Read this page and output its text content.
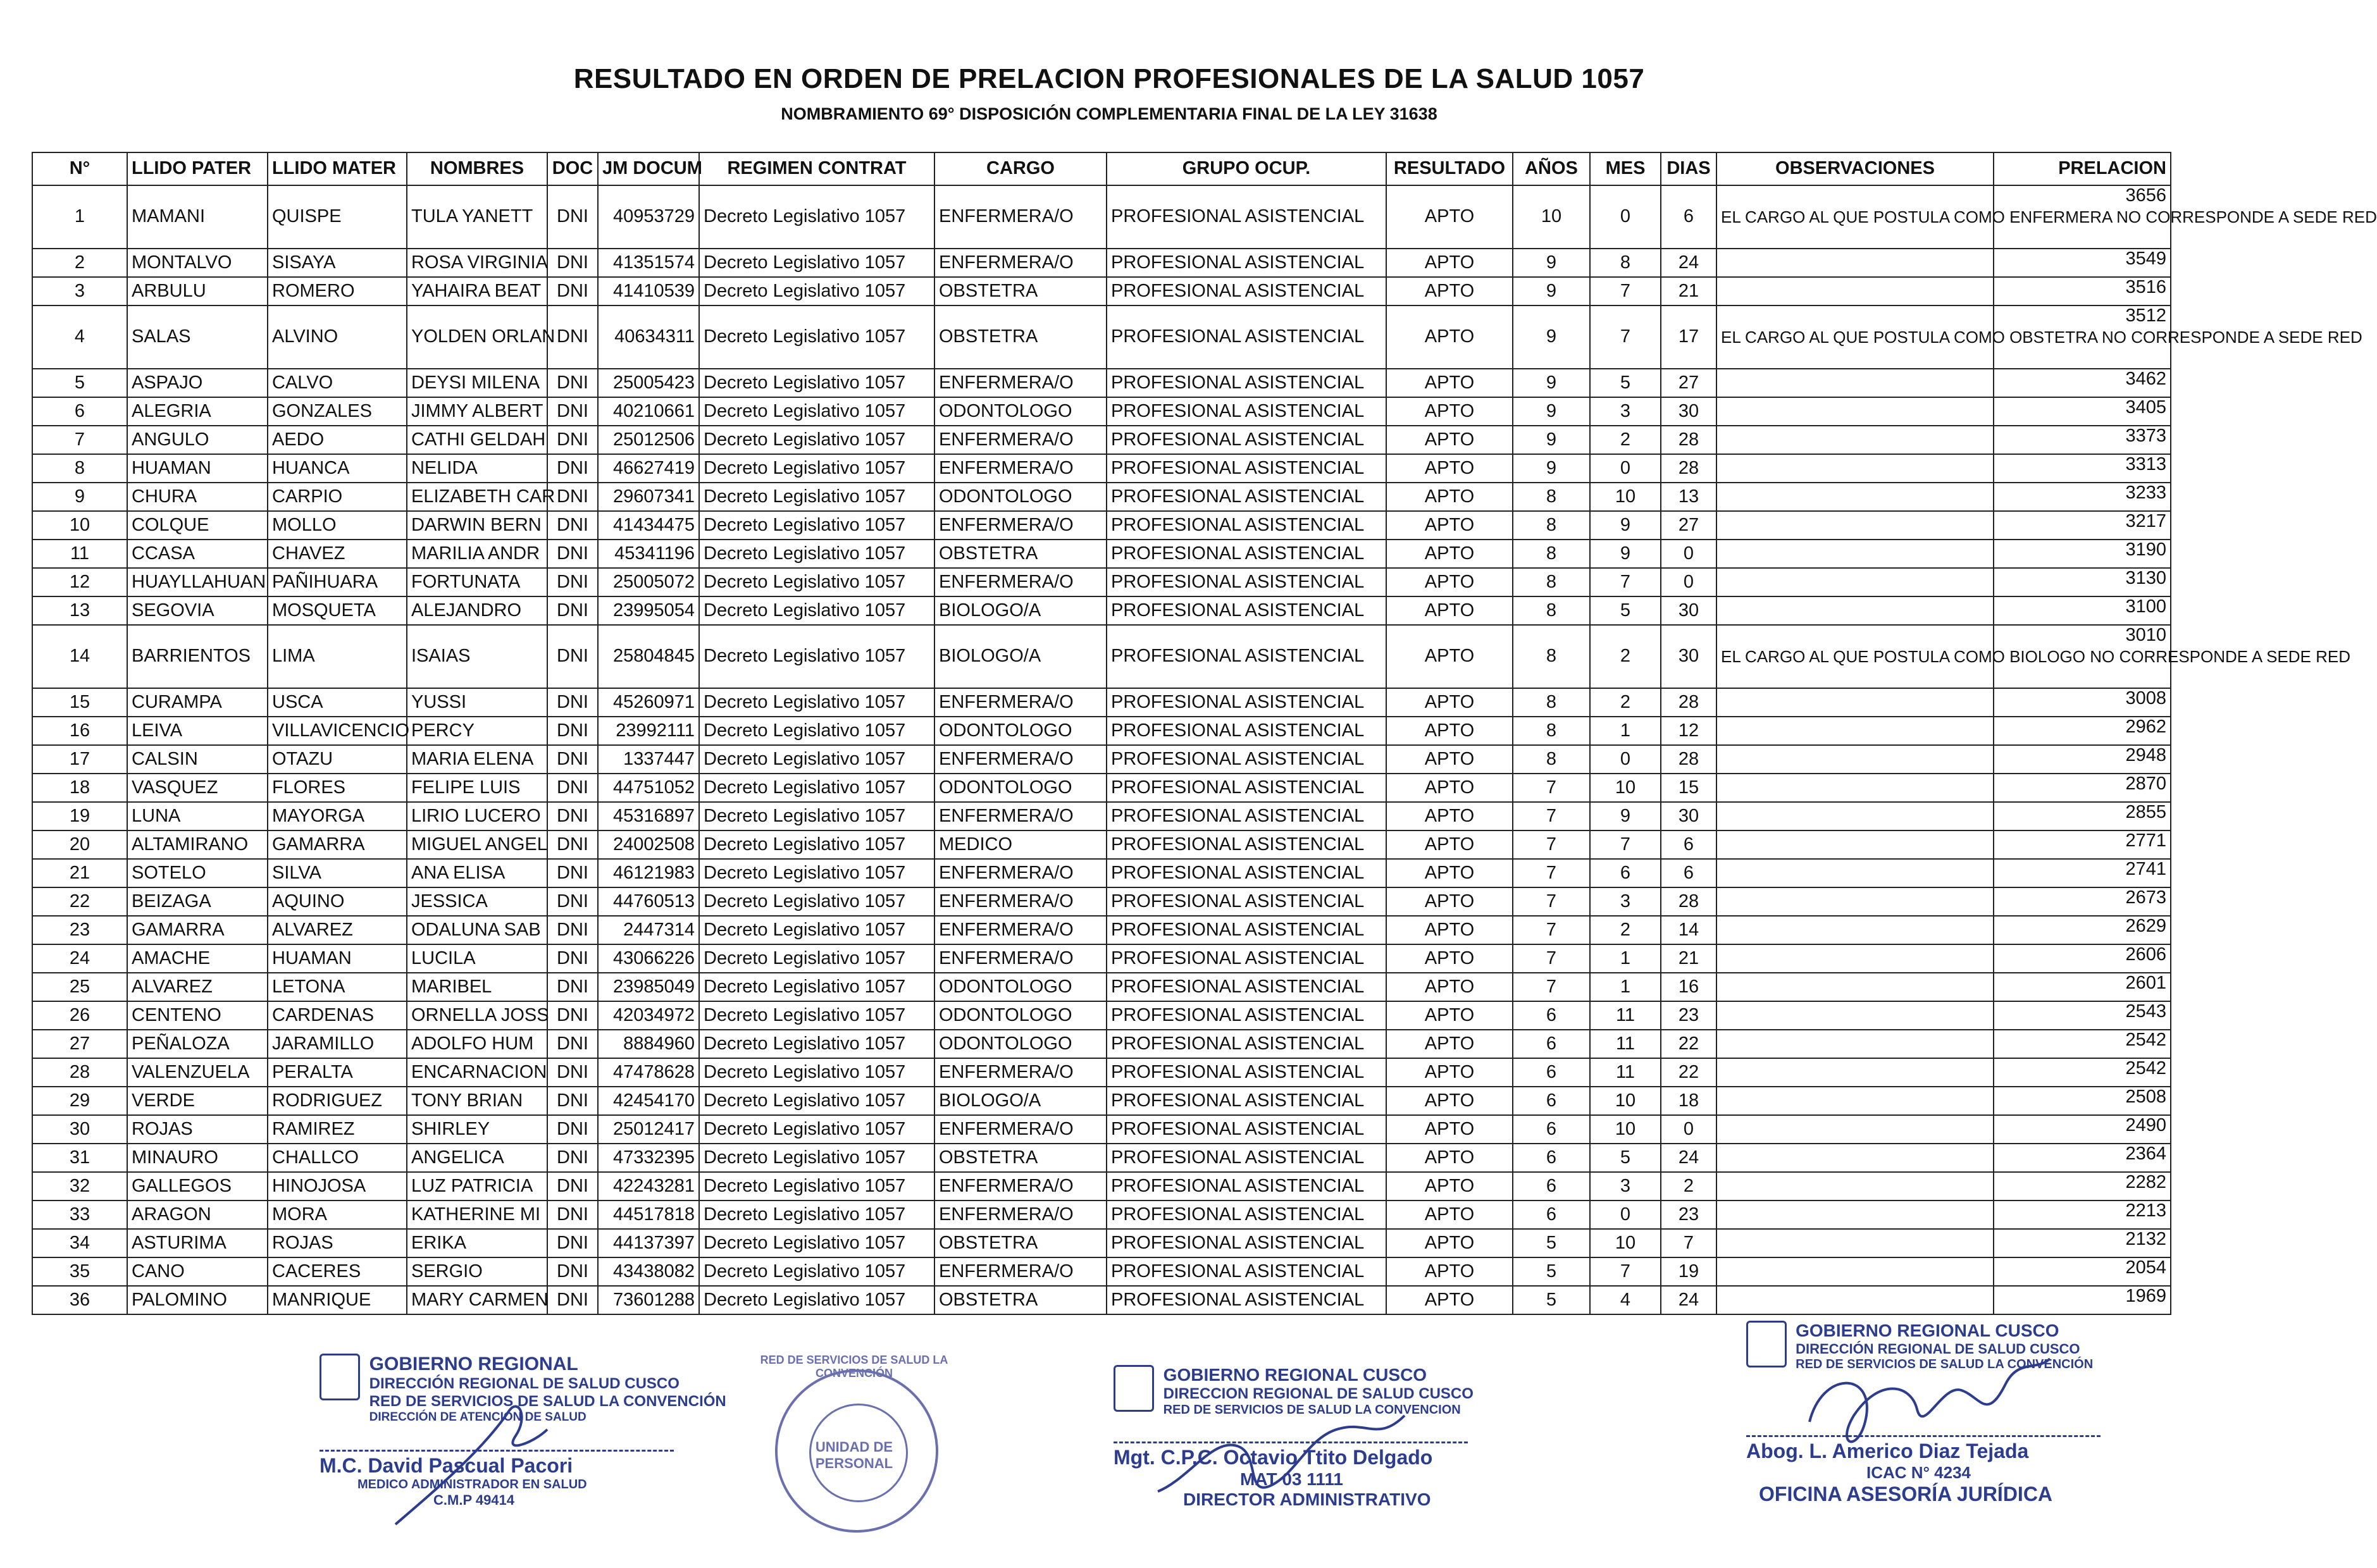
RESULTADO EN ORDEN DE PRELACION PROFESIONALES DE LA SALUD 1057
NOMBRAMIENTO 69° DISPOSICIÓN COMPLEMENTARIA FINAL DE LA LEY 31638
N°	LLIDO PATER	LLIDO MATER	NOMBRES	DOC	JM DOCUM	REGIMEN CONTRAT	CARGO	GRUPO OCUP.	RESULTADO	AÑOS	MES	DIAS	OBSERVACIONES	PRELACION
1	MAMANI	QUISPE	TULA YANETT	DNI	40953729	Decreto Legislativo 1057	ENFERMERA/O	PROFESIONAL ASISTENCIAL	APTO	10	0	6	EL CARGO AL QUE POSTULA COMO ENFERMERA NO CORRESPONDE A SEDE RED	3656
2	MONTALVO	SISAYA	ROSA VIRGINIA	DNI	41351574	Decreto Legislativo 1057	ENFERMERA/O	PROFESIONAL ASISTENCIAL	APTO	9	8	24		3549
3	ARBULU	ROMERO	YAHAIRA BEAT	DNI	41410539	Decreto Legislativo 1057	OBSTETRA	PROFESIONAL ASISTENCIAL	APTO	9	7	21		3516
4	SALAS	ALVINO	YOLDEN ORLAN	DNI	40634311	Decreto Legislativo 1057	OBSTETRA	PROFESIONAL ASISTENCIAL	APTO	9	7	17	EL CARGO AL QUE POSTULA COMO OBSTETRA NO CORRESPONDE A SEDE RED	3512
5	ASPAJO	CALVO	DEYSI MILENA	DNI	25005423	Decreto Legislativo 1057	ENFERMERA/O	PROFESIONAL ASISTENCIAL	APTO	9	5	27		3462
6	ALEGRIA	GONZALES	JIMMY ALBERT	DNI	40210661	Decreto Legislativo 1057	ODONTOLOGO	PROFESIONAL ASISTENCIAL	APTO	9	3	30		3405
7	ANGULO	AEDO	CATHI GELDAH	DNI	25012506	Decreto Legislativo 1057	ENFERMERA/O	PROFESIONAL ASISTENCIAL	APTO	9	2	28		3373
8	HUAMAN	HUANCA	NELIDA	DNI	46627419	Decreto Legislativo 1057	ENFERMERA/O	PROFESIONAL ASISTENCIAL	APTO	9	0	28		3313
9	CHURA	CARPIO	ELIZABETH CAR	DNI	29607341	Decreto Legislativo 1057	ODONTOLOGO	PROFESIONAL ASISTENCIAL	APTO	8	10	13		3233
10	COLQUE	MOLLO	DARWIN BERN	DNI	41434475	Decreto Legislativo 1057	ENFERMERA/O	PROFESIONAL ASISTENCIAL	APTO	8	9	27		3217
11	CCASA	CHAVEZ	MARILIA ANDR	DNI	45341196	Decreto Legislativo 1057	OBSTETRA	PROFESIONAL ASISTENCIAL	APTO	8	9	0		3190
12	HUAYLLAHUAN	PAÑIHUARA	FORTUNATA	DNI	25005072	Decreto Legislativo 1057	ENFERMERA/O	PROFESIONAL ASISTENCIAL	APTO	8	7	0		3130
13	SEGOVIA	MOSQUETA	ALEJANDRO	DNI	23995054	Decreto Legislativo 1057	BIOLOGO/A	PROFESIONAL ASISTENCIAL	APTO	8	5	30		3100
14	BARRIENTOS	LIMA	ISAIAS	DNI	25804845	Decreto Legislativo 1057	BIOLOGO/A	PROFESIONAL ASISTENCIAL	APTO	8	2	30	EL CARGO AL QUE POSTULA COMO BIOLOGO NO CORRESPONDE A SEDE RED	3010
15	CURAMPA	USCA	YUSSI	DNI	45260971	Decreto Legislativo 1057	ENFERMERA/O	PROFESIONAL ASISTENCIAL	APTO	8	2	28		3008
16	LEIVA	VILLAVICENCIO	PERCY	DNI	23992111	Decreto Legislativo 1057	ODONTOLOGO	PROFESIONAL ASISTENCIAL	APTO	8	1	12		2962
17	CALSIN	OTAZU	MARIA ELENA	DNI	1337447	Decreto Legislativo 1057	ENFERMERA/O	PROFESIONAL ASISTENCIAL	APTO	8	0	28		2948
18	VASQUEZ	FLORES	FELIPE LUIS	DNI	44751052	Decreto Legislativo 1057	ODONTOLOGO	PROFESIONAL ASISTENCIAL	APTO	7	10	15		2870
19	LUNA	MAYORGA	LIRIO LUCERO	DNI	45316897	Decreto Legislativo 1057	ENFERMERA/O	PROFESIONAL ASISTENCIAL	APTO	7	9	30		2855
20	ALTAMIRANO	GAMARRA	MIGUEL ANGEL	DNI	24002508	Decreto Legislativo 1057	MEDICO	PROFESIONAL ASISTENCIAL	APTO	7	7	6		2771
21	SOTELO	SILVA	ANA ELISA	DNI	46121983	Decreto Legislativo 1057	ENFERMERA/O	PROFESIONAL ASISTENCIAL	APTO	7	6	6		2741
22	BEIZAGA	AQUINO	JESSICA	DNI	44760513	Decreto Legislativo 1057	ENFERMERA/O	PROFESIONAL ASISTENCIAL	APTO	7	3	28		2673
23	GAMARRA	ALVAREZ	ODALUNA SAB	DNI	2447314	Decreto Legislativo 1057	ENFERMERA/O	PROFESIONAL ASISTENCIAL	APTO	7	2	14		2629
24	AMACHE	HUAMAN	LUCILA	DNI	43066226	Decreto Legislativo 1057	ENFERMERA/O	PROFESIONAL ASISTENCIAL	APTO	7	1	21		2606
25	ALVAREZ	LETONA	MARIBEL	DNI	23985049	Decreto Legislativo 1057	ODONTOLOGO	PROFESIONAL ASISTENCIAL	APTO	7	1	16		2601
26	CENTENO	CARDENAS	ORNELLA JOSS	DNI	42034972	Decreto Legislativo 1057	ODONTOLOGO	PROFESIONAL ASISTENCIAL	APTO	6	11	23		2543
27	PEÑALOZA	JARAMILLO	ADOLFO HUM	DNI	8884960	Decreto Legislativo 1057	ODONTOLOGO	PROFESIONAL ASISTENCIAL	APTO	6	11	22		2542
28	VALENZUELA	PERALTA	ENCARNACION	DNI	47478628	Decreto Legislativo 1057	ENFERMERA/O	PROFESIONAL ASISTENCIAL	APTO	6	11	22		2542
29	VERDE	RODRIGUEZ	TONY BRIAN	DNI	42454170	Decreto Legislativo 1057	BIOLOGO/A	PROFESIONAL ASISTENCIAL	APTO	6	10	18		2508
30	ROJAS	RAMIREZ	SHIRLEY	DNI	25012417	Decreto Legislativo 1057	ENFERMERA/O	PROFESIONAL ASISTENCIAL	APTO	6	10	0		2490
31	MINAURO	CHALLCO	ANGELICA	DNI	47332395	Decreto Legislativo 1057	OBSTETRA	PROFESIONAL ASISTENCIAL	APTO	6	5	24		2364
32	GALLEGOS	HINOJOSA	LUZ PATRICIA	DNI	42243281	Decreto Legislativo 1057	ENFERMERA/O	PROFESIONAL ASISTENCIAL	APTO	6	3	2		2282
33	ARAGON	MORA	KATHERINE MI	DNI	44517818	Decreto Legislativo 1057	ENFERMERA/O	PROFESIONAL ASISTENCIAL	APTO	6	0	23		2213
34	ASTURIMA	ROJAS	ERIKA	DNI	44137397	Decreto Legislativo 1057	OBSTETRA	PROFESIONAL ASISTENCIAL	APTO	5	10	7		2132
35	CANO	CACERES	SERGIO	DNI	43438082	Decreto Legislativo 1057	ENFERMERA/O	PROFESIONAL ASISTENCIAL	APTO	5	7	19		2054
36	PALOMINO	MANRIQUE	MARY CARMEN	DNI	73601288	Decreto Legislativo 1057	OBSTETRA	PROFESIONAL ASISTENCIAL	APTO	5	4	24		1969

GOBIERNO REGIONAL
DIRECCIÓN REGIONAL DE SALUD CUSCO
RED DE SERVICIOS DE SALUD LA CONVENCIÓN
DIRECCIÓN DE ATENCIÓN DE SALUD
M.C. David Pascual Pacori
MEDICO ADMINISTRADOR EN SALUD
C.M.P 49414
RED DE SERVICIOS DE SALUD LA CONVENCIÓN
UNIDAD DE PERSONAL

GOBIERNO REGIONAL CUSCO
DIRECCION REGIONAL DE SALUD CUSCO
RED DE SERVICIOS DE SALUD LA CONVENCION
Mgt. C.P.C. Octavio Ttito Delgado
MAT 03 1111
DIRECTOR ADMINISTRATIVO

GOBIERNO REGIONAL CUSCO
DIRECCIÓN REGIONAL DE SALUD CUSCO
RED DE SERVICIOS DE SALUD LA CONVENCIÓN
Abog. L. Americo Diaz Tejada
ICAC N° 4234
OFICINA ASESORÍA JURÍDICA
